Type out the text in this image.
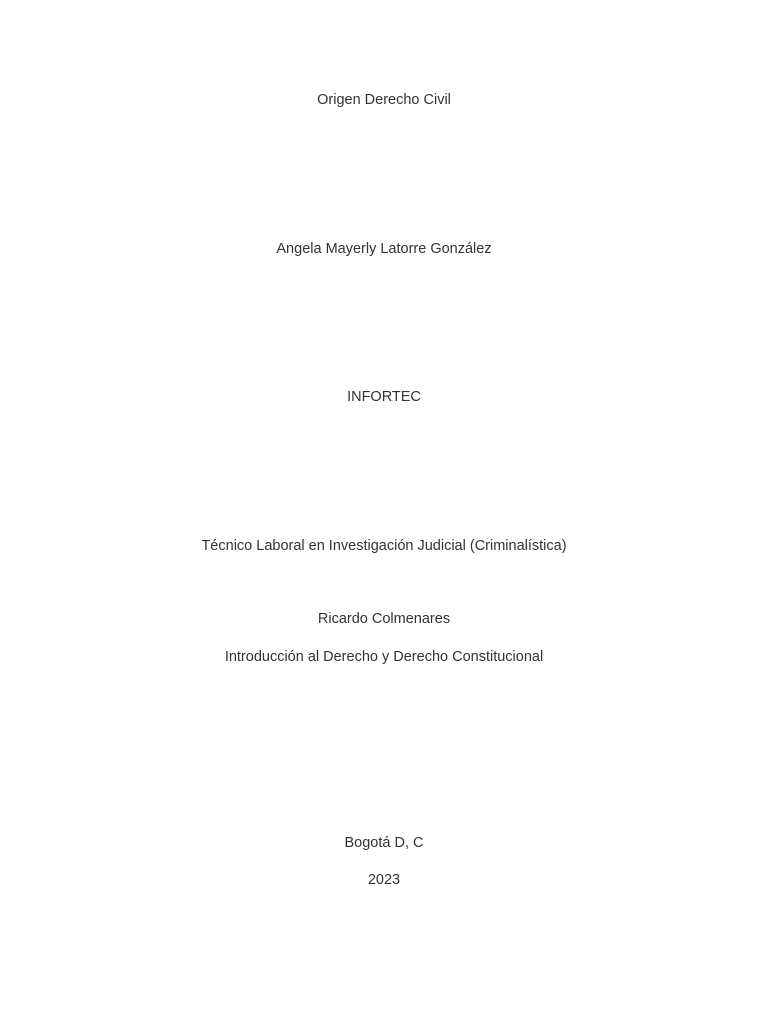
Origen Derecho Civil
Angela Mayerly Latorre González
INFORTEC
Técnico Laboral en Investigación Judicial (Criminalística)
Ricardo Colmenares
Introducción al Derecho y Derecho Constitucional
Bogotá D, C
2023
